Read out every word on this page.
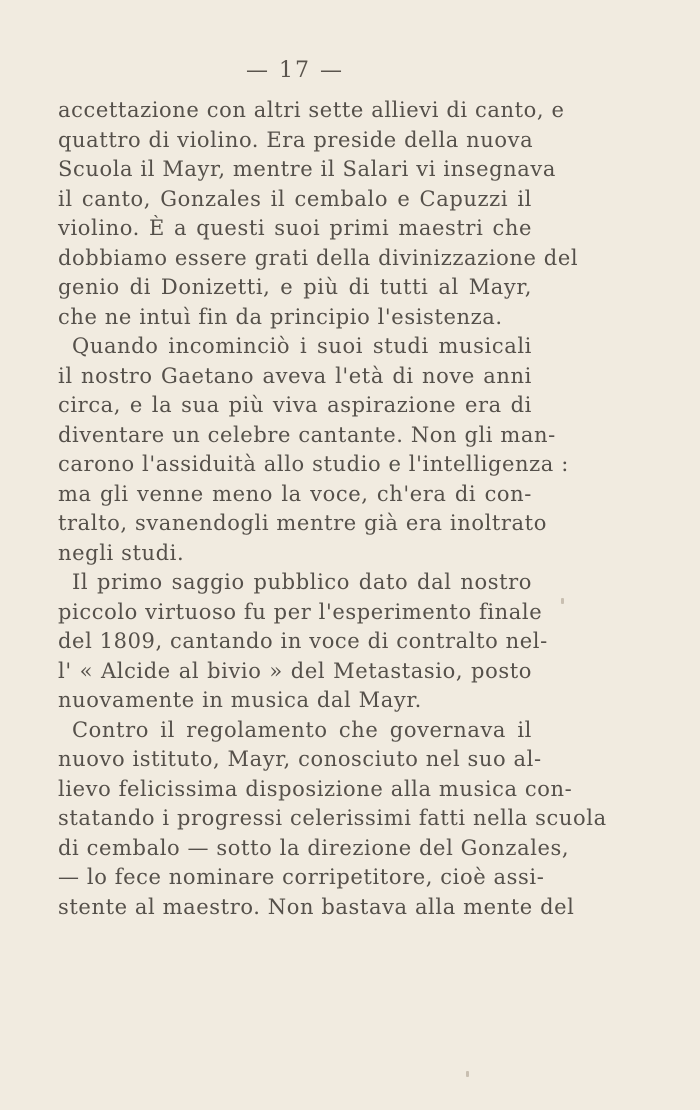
— 17 —
accettazione con altri sette allievi di canto, e
quattro di violino. Era preside della nuova
Scuola il Mayr, mentre il Salari vi insegnava
il canto, Gonzales il cembalo e Capuzzi il
violino. È a questi suoi primi maestri che
dobbiamo essere grati della divinizzazione del
genio di Donizetti, e più di tutti al Mayr,
che ne intuì fin da principio l'esistenza.
Quando incominciò i suoi studi musicali
il nostro Gaetano aveva l'età di nove anni
circa, e la sua più viva aspirazione era di
diventare un celebre cantante. Non gli man-
carono l'assiduità allo studio e l'intelligenza :
ma gli venne meno la voce, ch'era di con-
tralto, svanendogli mentre già era inoltrato
negli studi.
Il primo saggio pubblico dato dal nostro
piccolo virtuoso fu per l'esperimento finale
del 1809, cantando in voce di contralto nel-
l' « Alcide al bivio » del Metastasio, posto
nuovamente in musica dal Mayr.
Contro il regolamento che governava il
nuovo istituto, Mayr, conosciuto nel suo al-
lievo felicissima disposizione alla musica con-
statando i progressi celerissimi fatti nella scuola
di cembalo — sotto la direzione del Gonzales,
— lo fece nominare corripetitore, cioè assi-
stente al maestro. Non bastava alla mente del
